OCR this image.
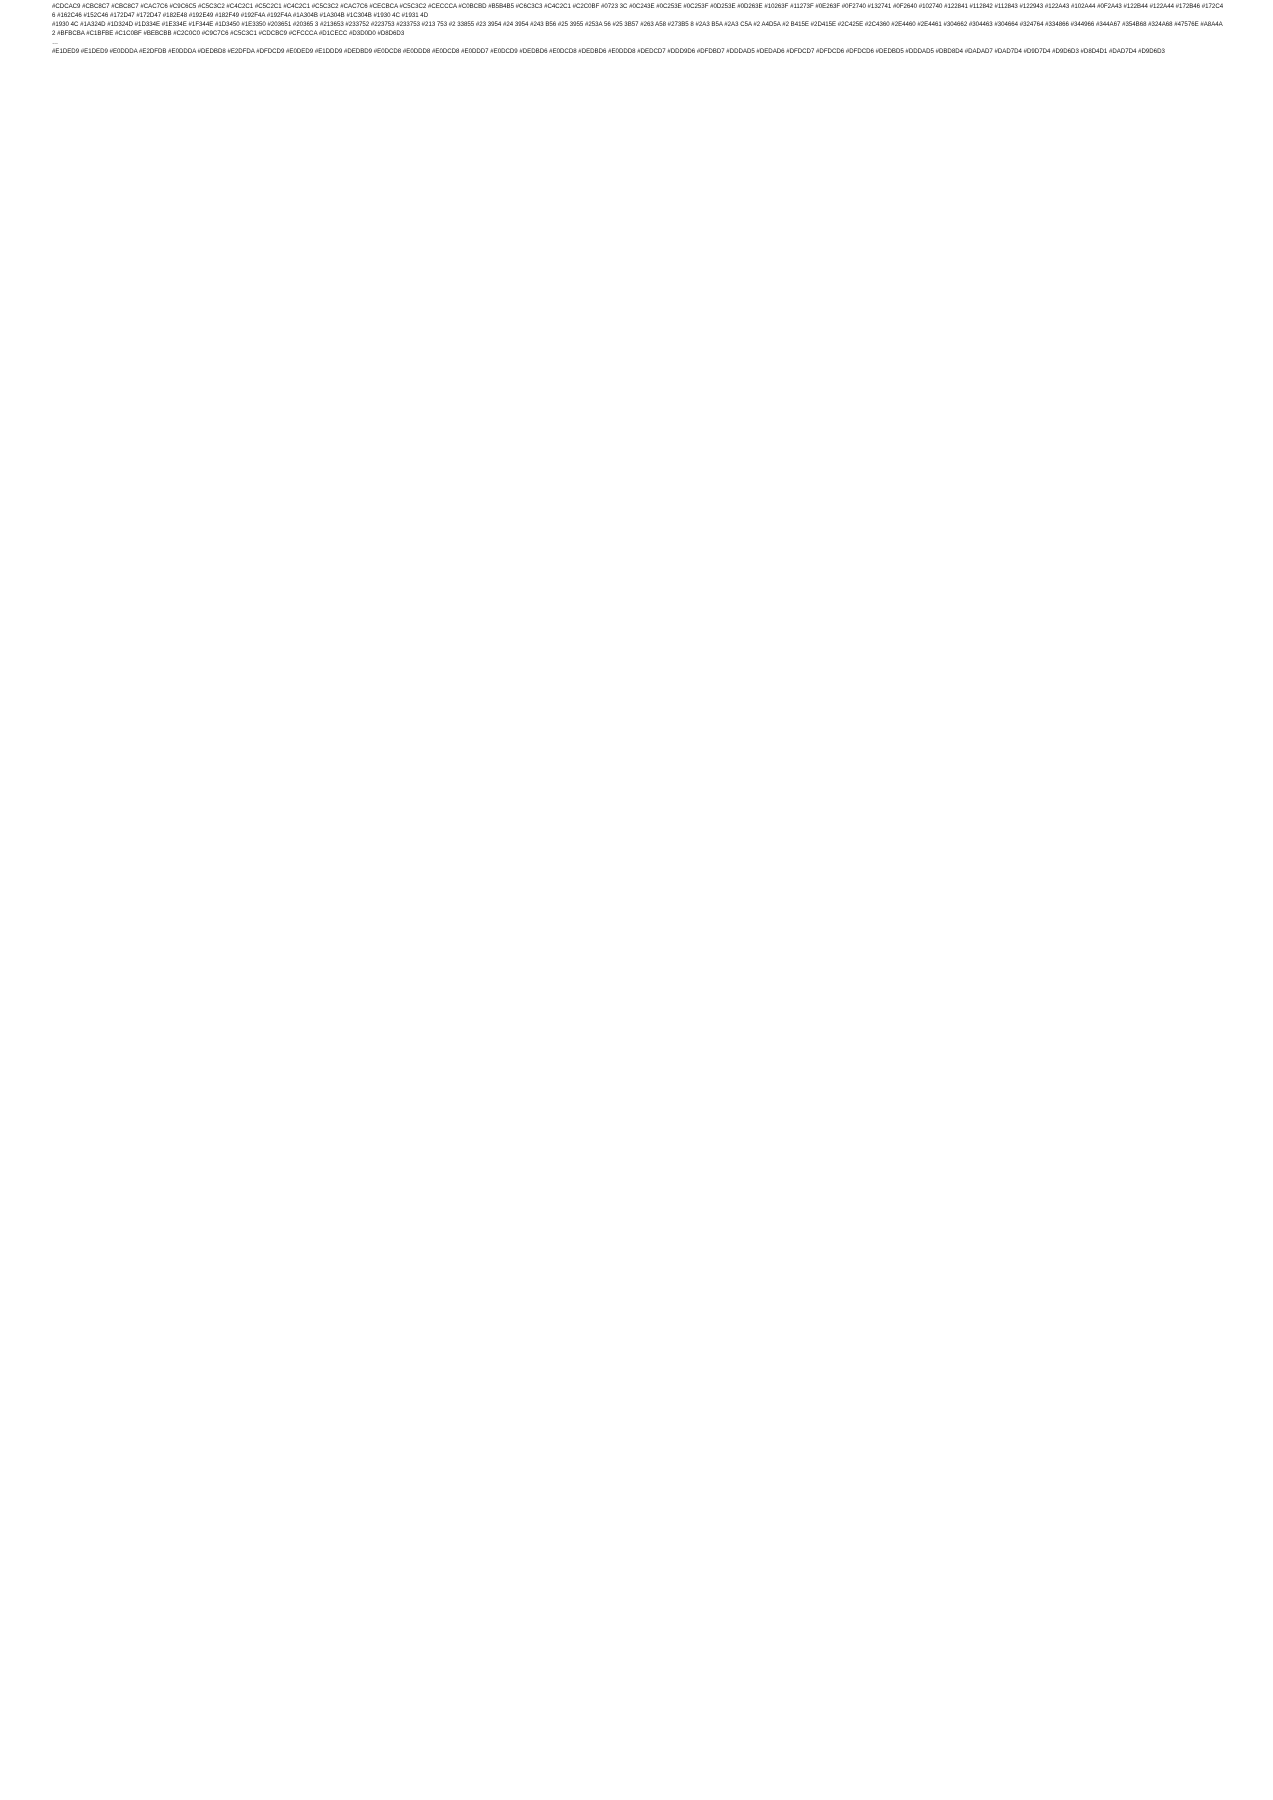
#CDCAC9 #CBC8C7 #CBC8C7 #CAC7C6 #C9C6C5 #C5C3C2 #C4C2C1 #C5C2C1 #C4C2C1 #C5C3C2 #CAC7C6 #CECBCA #C5C3C2 #CECCCA #C0BCBD #B5B4B5 #C6C3C3 #C4C2C1 #C2C0BF #0723 3C #0C243E #0C253E #0C253F #0D253E #0D263E #10263F #11273F #0E263F #0F2740 #132741 #0F2640 #102740 #122841 #112842 #112843 #122943 #122A43 #102A44 #0F2A43 #122B44 #122A44 #172B46 #172C46 #162C46 #152C46 #172D47 #172D47 #182E48 #192E49 #182F49 #192F4A #192F4A #1A304B #1A304B #1C304B #1930 4C #1931 4D

#1930 4C #1A324D #1D324D #1D334E #1E334E #1F344E #1D3450 #1E3350 #203651 #20365 3 #213653 #233752 #223753 #233753 #213 753 #2 33855 #23 3954 #24 3954 #243 B56 #25 3955 #253A 56 #25 3B57 #263 A58 #273B5 8 #2A3 B5A #2A3 C5A #2 A4D5A #2 B415E #2D415E #2C425E #2C4360 #2E4460 #2E4461 #304662 #304463 #304664 #324764 #334866 #344966 #344A67 #354B68 #324A68 #47576E #A8A4A2 #BFBCBA #C1BFBE #C1C0BF #BEBCBB #C2C0C0 #C9C7C6 #C5C3C1 #CDCBC9 #CFCCCA #D1CECC #D3D0D0 #D8D6D3

…

#E1DED9 #E1DED9 #E0DDDA #E2DFDB #E0DDDA #DEDBD8 #E2DFDA #DFDCD9 #E0DED9 #E1DDD9 #DEDBD9 #E0DCD8 #E0DDD8 #E0DCD8 #E0DDD7 #E0DCD9 #DEDBD6 #E0DCD8 #DEDBD6 #E0DDD8 #DEDCD7 #DDD9D6 #DFDBD7 #DDDAD5 #DEDAD6 #DFDCD7 #DFDCD6 #DFDCD6 #DEDBD5 #DDDAD5 #DBD8D4 #DADAD7 #DAD7D4 #D9D7D4 #D9D6D3 #D8D4D1 #DAD7D4 #D9D6D3
